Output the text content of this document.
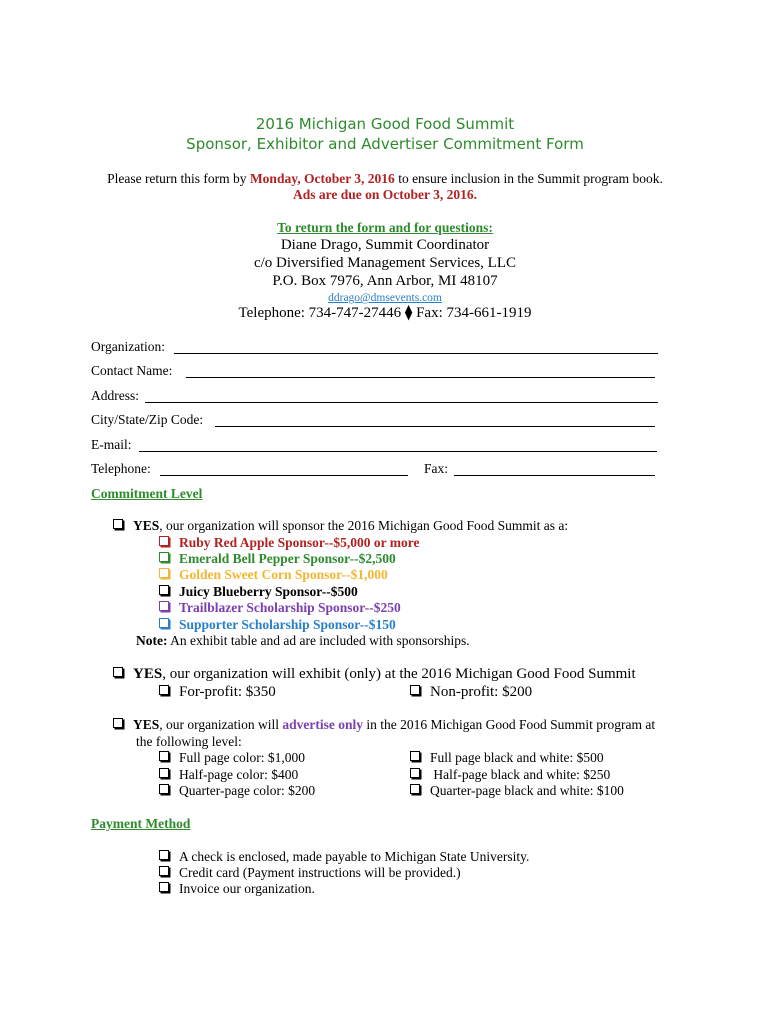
2016 Michigan Good Food Summit
Sponsor, Exhibitor and Advertiser Commitment Form
Please return this form by Monday, October 3, 2016 to ensure inclusion in the Summit program book.
Ads are due on October 3, 2016.
To return the form and for questions:
Diane Drago, Summit Coordinator
c/o Diversified Management Services, LLC
P.O. Box 7976, Ann Arbor, MI 48107
ddrago@dmsevents.com
Telephone: 734-747-27446 ⧫ Fax: 734-661-1919
Organization:
Contact Name:
Address:
City/State/Zip Code:
E-mail:
Telephone:	Fax:
Commitment Level
YES, our organization will sponsor the 2016 Michigan Good Food Summit as a:
Ruby Red Apple Sponsor--$5,000 or more
Emerald Bell Pepper Sponsor--$2,500
Golden Sweet Corn Sponsor--$1,000
Juicy Blueberry Sponsor--$500
Trailblazer Scholarship Sponsor--$250
Supporter Scholarship Sponsor--$150
Note: An exhibit table and ad are included with sponsorships.
YES, our organization will exhibit (only) at the 2016 Michigan Good Food Summit
For-profit: $350	Non-profit: $200
YES, our organization will advertise only in the 2016 Michigan Good Food Summit program at
the following level:
Full page color: $1,000
Half-page color: $400
Quarter-page color: $200
Full page black and white: $500
Half-page black and white: $250
Quarter-page black and white: $100
Payment Method
A check is enclosed, made payable to Michigan State University.
Credit card (Payment instructions will be provided.)
Invoice our organization.
